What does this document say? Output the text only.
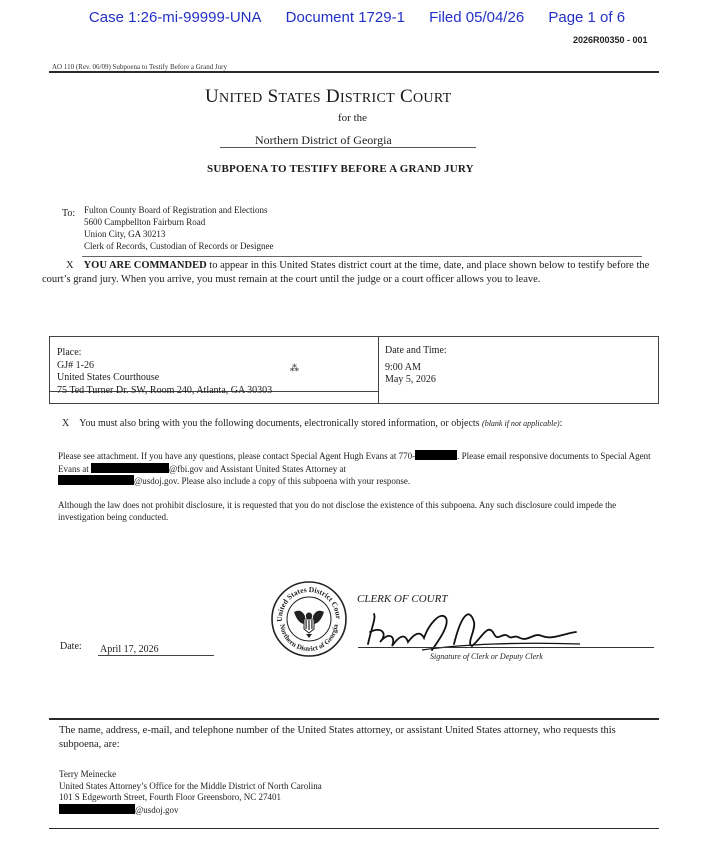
Case 1:26-mi-99999-UNA Document 1729-1 Filed 05/04/26 Page 1 of 6
2026R00350 - 001
AO 110 (Rev. 06/09) Subpoena to Testify Before a Grand Jury
UNITED STATES DISTRICT COURT
for the
Northern District of Georgia
SUBPOENA TO TESTIFY BEFORE A GRAND JURY
To: Fulton County Board of Registration and Elections
5600 Campbellton Fairburn Road
Union City, GA 30213
Clerk of Records, Custodian of Records or Designee
X YOU ARE COMMANDED to appear in this United States district court at the time, date, and place shown below to testify before the court’s grand jury. When you arrive, you must remain at the court until the judge or a court officer allows you to leave.
Place:
GJ# 1-26
United States Courthouse
75 Ted Turner Dr. SW, Room 240, Atlanta, GA 30303
⁂
Date and Time:
9:00 AM
May 5, 2026
X You must also bring with you the following documents, electronically stored information, or objects (blank if not applicable):
Please see attachment. If you have any questions, please contact Special Agent Hugh Evans at 770-	. Please email responsive documents to Special Agent Evans at	@fbi.gov and Assistant United States Attorney at
@usdoj.gov. Please also include a copy of this subpoena with your response.
Although the law does not prohibit disclosure, it is requested that you do not disclose the existence of this subpoena. Any such disclosure could impede the investigation being conducted.
United States District Cour
Northern District of Georgia
CLERK OF COURT
Signature of Clerk or Deputy Clerk
Date: April 17, 2026
The name, address, e-mail, and telephone number of the United States attorney, or assistant United States attorney, who requests this subpoena, are:
Terry Meinecke
United States Attorney’s Office for the Middle District of North Carolina
101 S Edgeworth Street, Fourth Floor Greensboro, NC 27401
@usdoj.gov
